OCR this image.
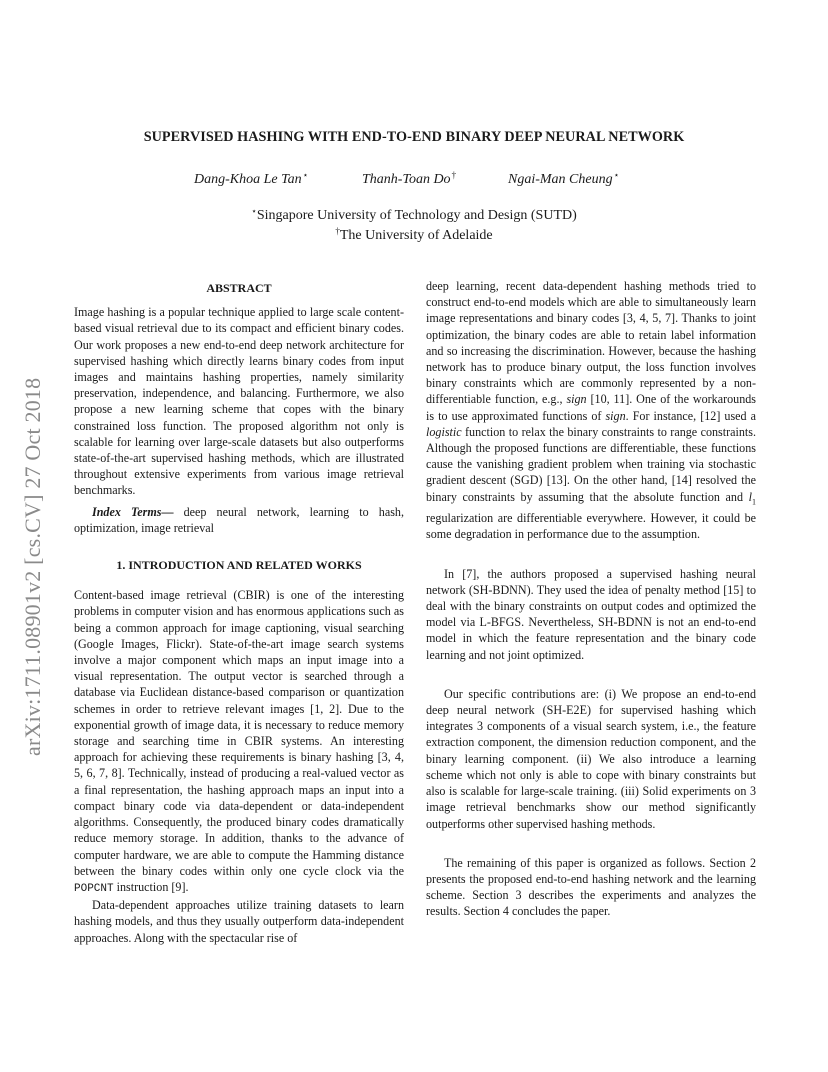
SUPERVISED HASHING WITH END-TO-END BINARY DEEP NEURAL NETWORK
Dang-Khoa Le Tan⋆	Thanh-Toan Do†	Ngai-Man Cheung⋆
⋆Singapore University of Technology and Design (SUTD)
†The University of Adelaide
arXiv:1711.08901v2 [cs.CV] 27 Oct 2018
ABSTRACT

Image hashing is a popular technique applied to large scale content-based visual retrieval due to its compact and efficient binary codes. Our work proposes a new end-to-end deep network architecture for supervised hashing which directly learns binary codes from input images and maintains hashing properties, namely similarity preservation, independence, and balancing. Furthermore, we also propose a new learning scheme that copes with the binary constrained loss function. The proposed algorithm not only is scalable for learning over large-scale datasets but also outperforms state-of-the-art supervised hashing methods, which are illustrated throughout extensive experiments from various image retrieval benchmarks.

Index Terms— deep neural network, learning to hash, optimization, image retrieval

1. INTRODUCTION AND RELATED WORKS

Content-based image retrieval (CBIR) is one of the interesting problems in computer vision and has enormous applications such as being a common approach for image captioning, visual searching (Google Images, Flickr). State-of-the-art image search systems involve a major component which maps an input image into a visual representation. The output vector is searched through a database via Euclidean distance-based comparison or quantization schemes in order to retrieve relevant images [1, 2]. Due to the exponential growth of image data, it is necessary to reduce memory storage and searching time in CBIR systems. An interesting approach for achieving these requirements is binary hashing [3, 4, 5, 6, 7, 8]. Technically, instead of producing a real-valued vector as a final representation, the hashing approach maps an input into a compact binary code via data-dependent or data-independent algorithms. Consequently, the produced binary codes dramatically reduce memory storage. In addition, thanks to the advance of computer hardware, we are able to compute the Hamming distance between the binary codes within only one cycle clock via the POPCNT instruction [9].

Data-dependent approaches utilize training datasets to learn hashing models, and thus they usually outperform data-independent approaches. Along with the spectacular rise of

deep learning, recent data-dependent hashing methods tried to construct end-to-end models which are able to simultaneously learn image representations and binary codes [3, 4, 5, 7]. Thanks to joint optimization, the binary codes are able to retain label information and so increasing the discrimination. However, because the hashing network has to produce binary output, the loss function involves binary constraints which are commonly represented by a non-differentiable function, e.g., sign [10, 11]. One of the workarounds is to use approximated functions of sign. For instance, [12] used a logistic function to relax the binary constraints to range constraints. Although the proposed functions are differentiable, these functions cause the vanishing gradient problem when training via stochastic gradient descent (SGD) [13]. On the other hand, [14] resolved the binary constraints by assuming that the absolute function and $l_1$ regularization are differentiable everywhere. However, it could be some degradation in performance due to the assumption.

In [7], the authors proposed a supervised hashing neural network (SH-BDNN). They used the idea of penalty method [15] to deal with the binary constraints on output codes and optimized the model via L-BFGS. Nevertheless, SH-BDNN is not an end-to-end model in which the feature representation and the binary code learning and not joint optimized.

Our specific contributions are: (i) We propose an end-to-end deep neural network (SH-E2E) for supervised hashing which integrates 3 components of a visual search system, i.e., the feature extraction component, the dimension reduction component, and the binary learning component. (ii) We also introduce a learning scheme which not only is able to cope with binary constraints but also is scalable for large-scale training. (iii) Solid experiments on 3 image retrieval benchmarks show our method significantly outperforms other supervised hashing methods.

The remaining of this paper is organized as follows. Section 2 presents the proposed end-to-end hashing network and the learning scheme. Section 3 describes the experiments and analyzes the results. Section 4 concludes the paper.
